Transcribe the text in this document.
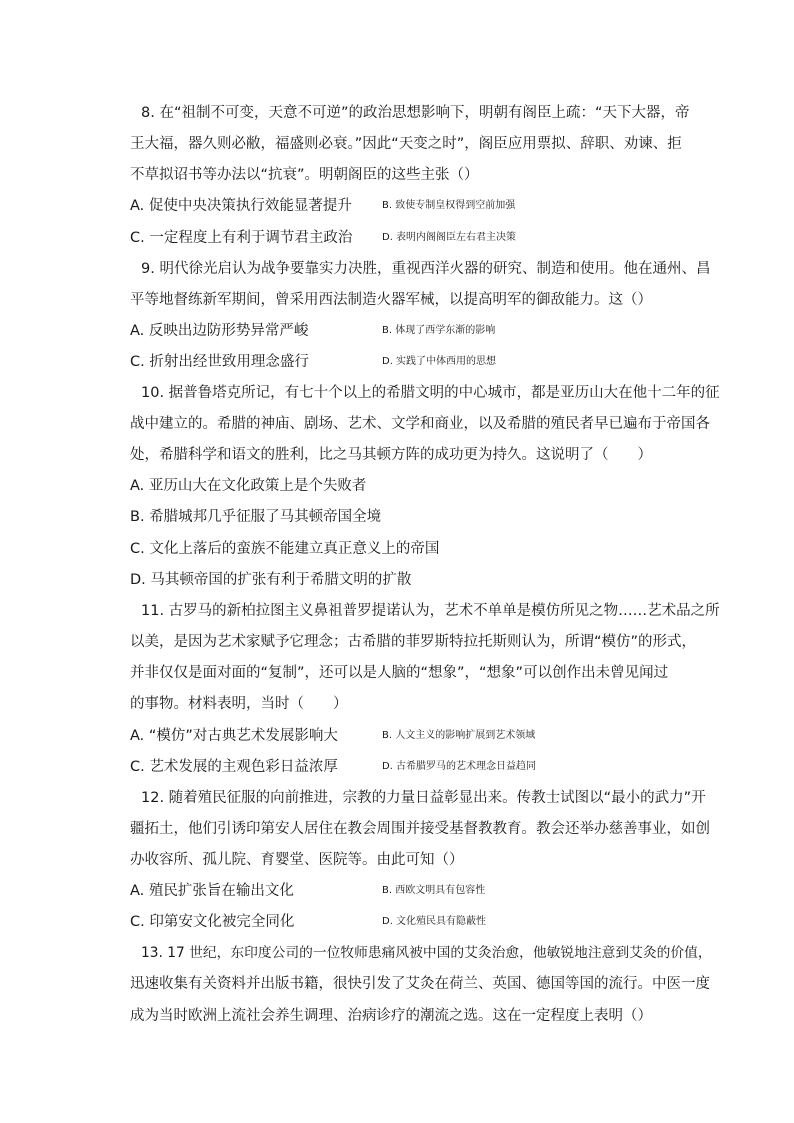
8. 在“祖制不可变，天意不可逆”的政治思想影响下，明朝有阁臣上疏：“天下大器，帝
王大福，器久则必敝，福盛则必衰。”因此“天变之时”，阁臣应用票拟、辞职、劝谏、拒
不草拟诏书等办法以“抗衰”。明朝阁臣的这些主张（）
A. 促使中央决策执行效能显著提升	B. 致使专制皇权得到空前加强
C. 一定程度上有利于调节君主政治	D. 表明内阁阁臣左右君主决策
9. 明代徐光启认为战争要靠实力决胜，重视西洋火器的研究、制造和使用。他在通州、昌
平等地督练新军期间，曾采用西法制造火器军械，以提高明军的御敌能力。这（）
A. 反映出边防形势异常严峻	B. 体现了西学东渐的影响
C. 折射出经世致用理念盛行	D. 实践了中体西用的思想
10. 据普鲁塔克所记，有七十个以上的希腊文明的中心城市，都是亚历山大在他十二年的征
战中建立的。希腊的神庙、剧场、艺术、文学和商业，以及希腊的殖民者早已遍布于帝国各
处，希腊科学和语文的胜利，比之马其顿方阵的成功更为持久。这说明了（　　）
A. 亚历山大在文化政策上是个失败者
B. 希腊城邦几乎征服了马其顿帝国全境
C. 文化上落后的蛮族不能建立真正意义上的帝国
D. 马其顿帝国的扩张有利于希腊文明的扩散
11. 古罗马的新柏拉图主义鼻祖普罗提诺认为，艺术不单单是模仿所见之物……艺术品之所
以美，是因为艺术家赋予它理念；古希腊的菲罗斯特拉托斯则认为，所谓“模仿”的形式，
并非仅仅是面对面的“复制”，还可以是人脑的“想象”，“想象”可以创作出未曾见闻过
的事物。材料表明，当时（　　）
A. “模仿”对古典艺术发展影响大	B. 人文主义的影响扩展到艺术领域
C. 艺术发展的主观色彩日益浓厚	D. 古希腊罗马的艺术理念日益趋同
12. 随着殖民征服的向前推进，宗教的力量日益彰显出来。传教士试图以“最小的武力”开
疆拓土，他们引诱印第安人居住在教会周围并接受基督教教育。教会还举办慈善事业，如创
办收容所、孤儿院、育婴堂、医院等。由此可知（）
A. 殖民扩张旨在输出文化	B. 西欧文明具有包容性
C. 印第安文化被完全同化	D. 文化殖民具有隐蔽性
13. 17 世纪，东印度公司的一位牧师患痛风被中国的艾灸治愈，他敏锐地注意到艾灸的价值，
迅速收集有关资料并出版书籍，很快引发了艾灸在荷兰、英国、德国等国的流行。中医一度
成为当时欧洲上流社会养生调理、治病诊疗的潮流之选。这在一定程度上表明（）
